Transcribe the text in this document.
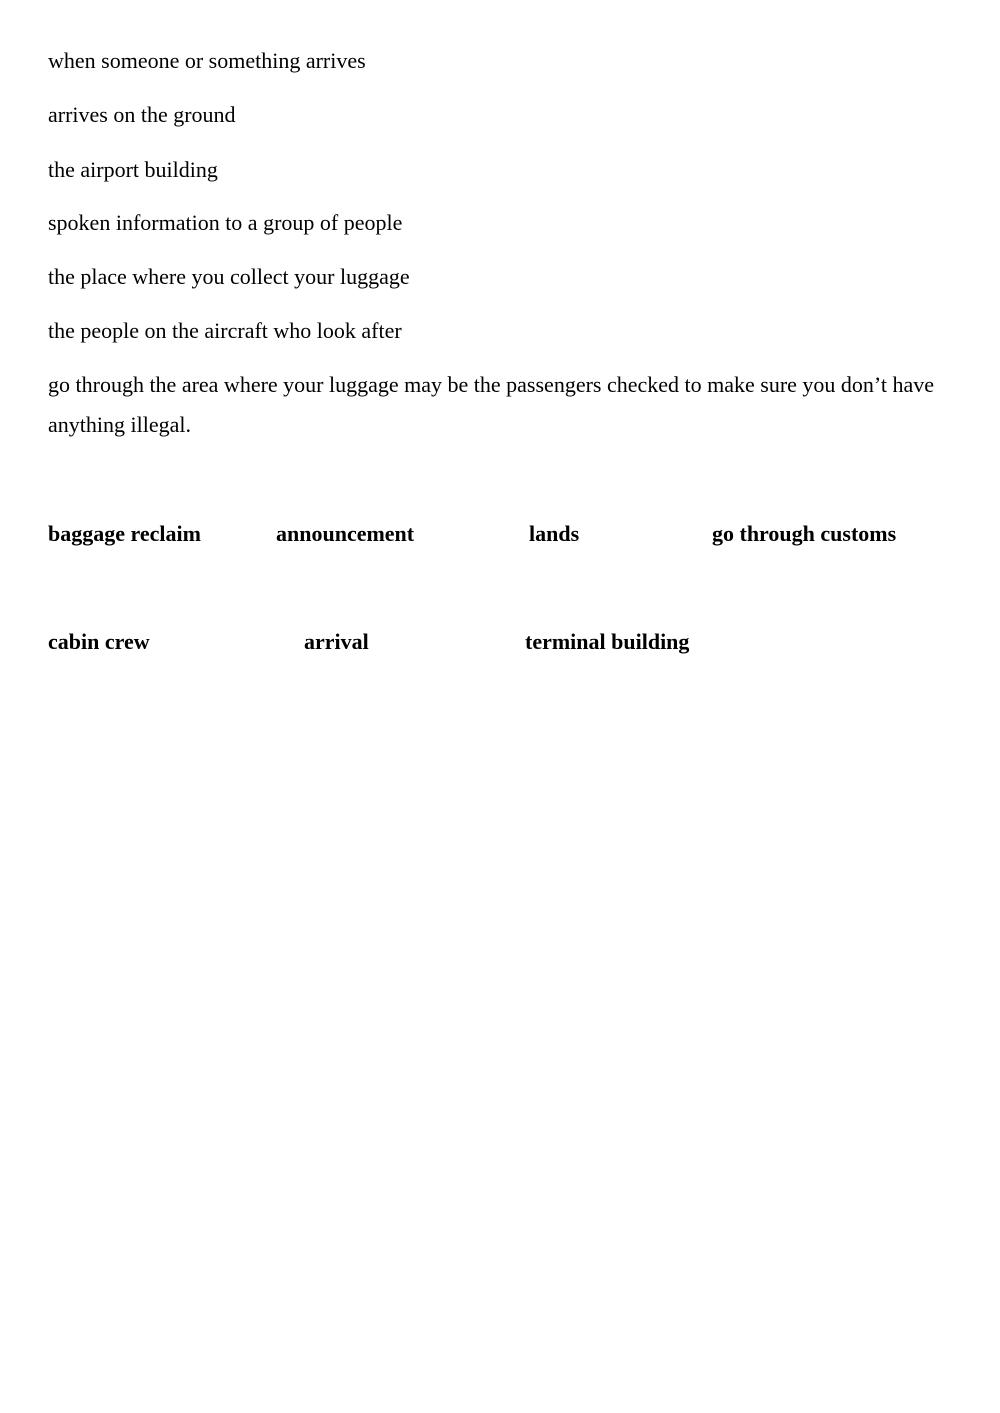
when someone or something arrives

arrives on the ground

the airport building

spoken information to a group of people

the place where you collect your luggage

the people on the aircraft who look after

go through the area where your luggage may be the passengers checked to make sure you don’t have anything illegal.

baggage reclaim	announcement	lands	go through customs
cabin crew	arrival	terminal building
